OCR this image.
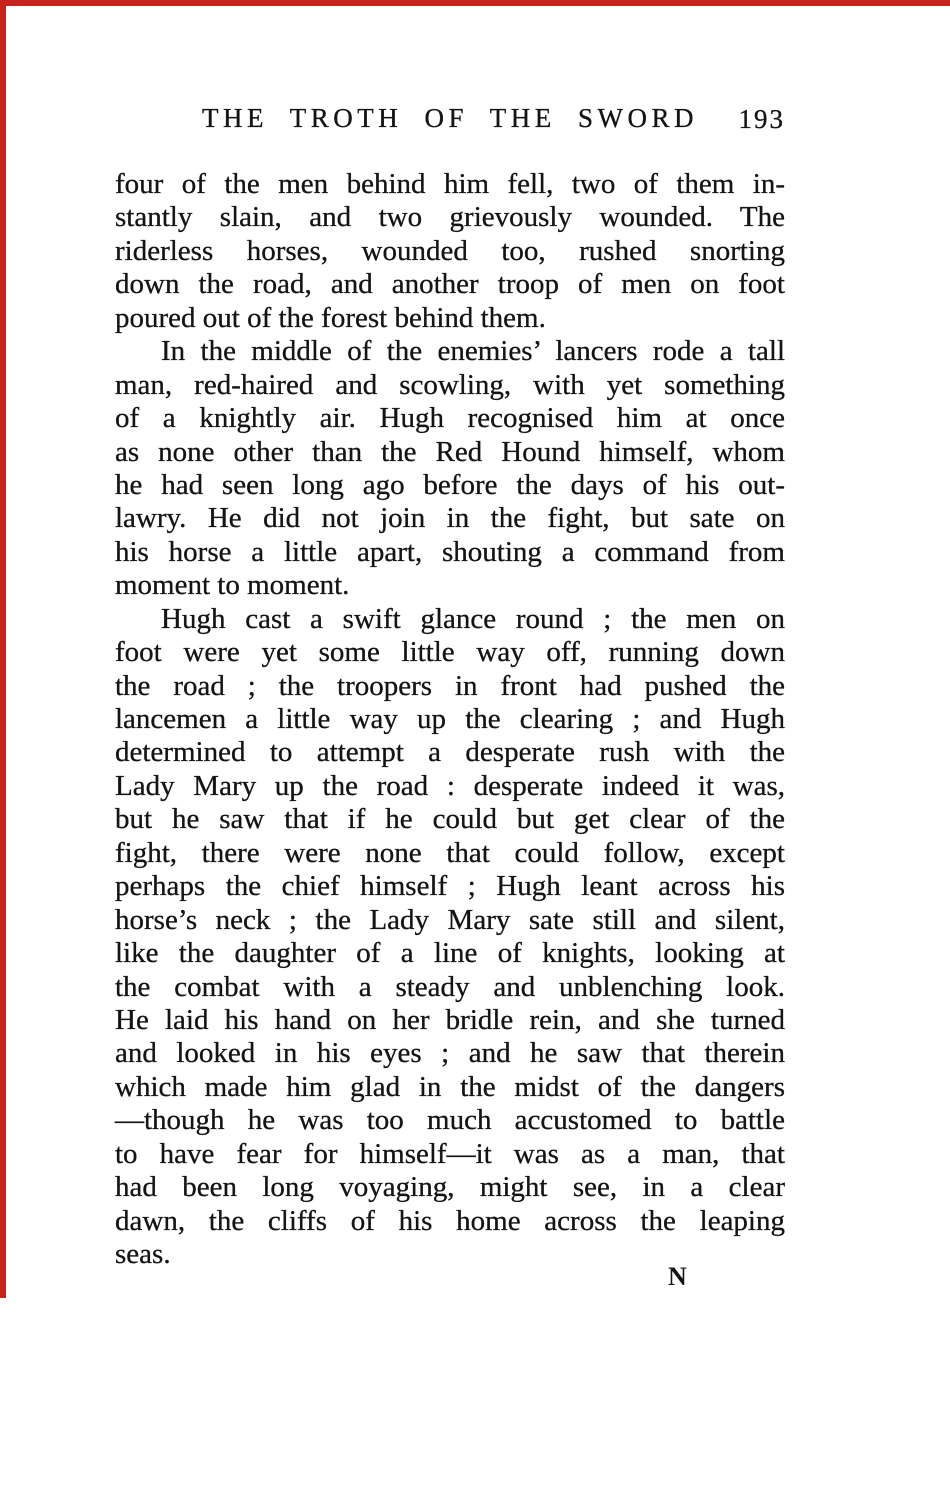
THE TROTH OF THE SWORD	193
four of the men behind him fell, two of them in-
stantly slain, and two grievously wounded. The
riderless horses, wounded too, rushed snorting
down the road, and another troop of men on foot
poured out of the forest behind them.
In the middle of the enemies’ lancers rode a tall
man, red-haired and scowling, with yet something
of a knightly air. Hugh recognised him at once
as none other than the Red Hound himself, whom
he had seen long ago before the days of his out-
lawry. He did not join in the fight, but sate on
his horse a little apart, shouting a command from
moment to moment.
Hugh cast a swift glance round ; the men on
foot were yet some little way off, running down
the road ; the troopers in front had pushed the
lancemen a little way up the clearing ; and Hugh
determined to attempt a desperate rush with the
Lady Mary up the road : desperate indeed it was,
but he saw that if he could but get clear of the
fight, there were none that could follow, except
perhaps the chief himself ; Hugh leant across his
horse’s neck ; the Lady Mary sate still and silent,
like the daughter of a line of knights, looking at
the combat with a steady and unblenching look.
He laid his hand on her bridle rein, and she turned
and looked in his eyes ; and he saw that therein
which made him glad in the midst of the dangers
—though he was too much accustomed to battle
to have fear for himself—it was as a man, that
had been long voyaging, might see, in a clear
dawn, the cliffs of his home across the leaping
seas.
N
